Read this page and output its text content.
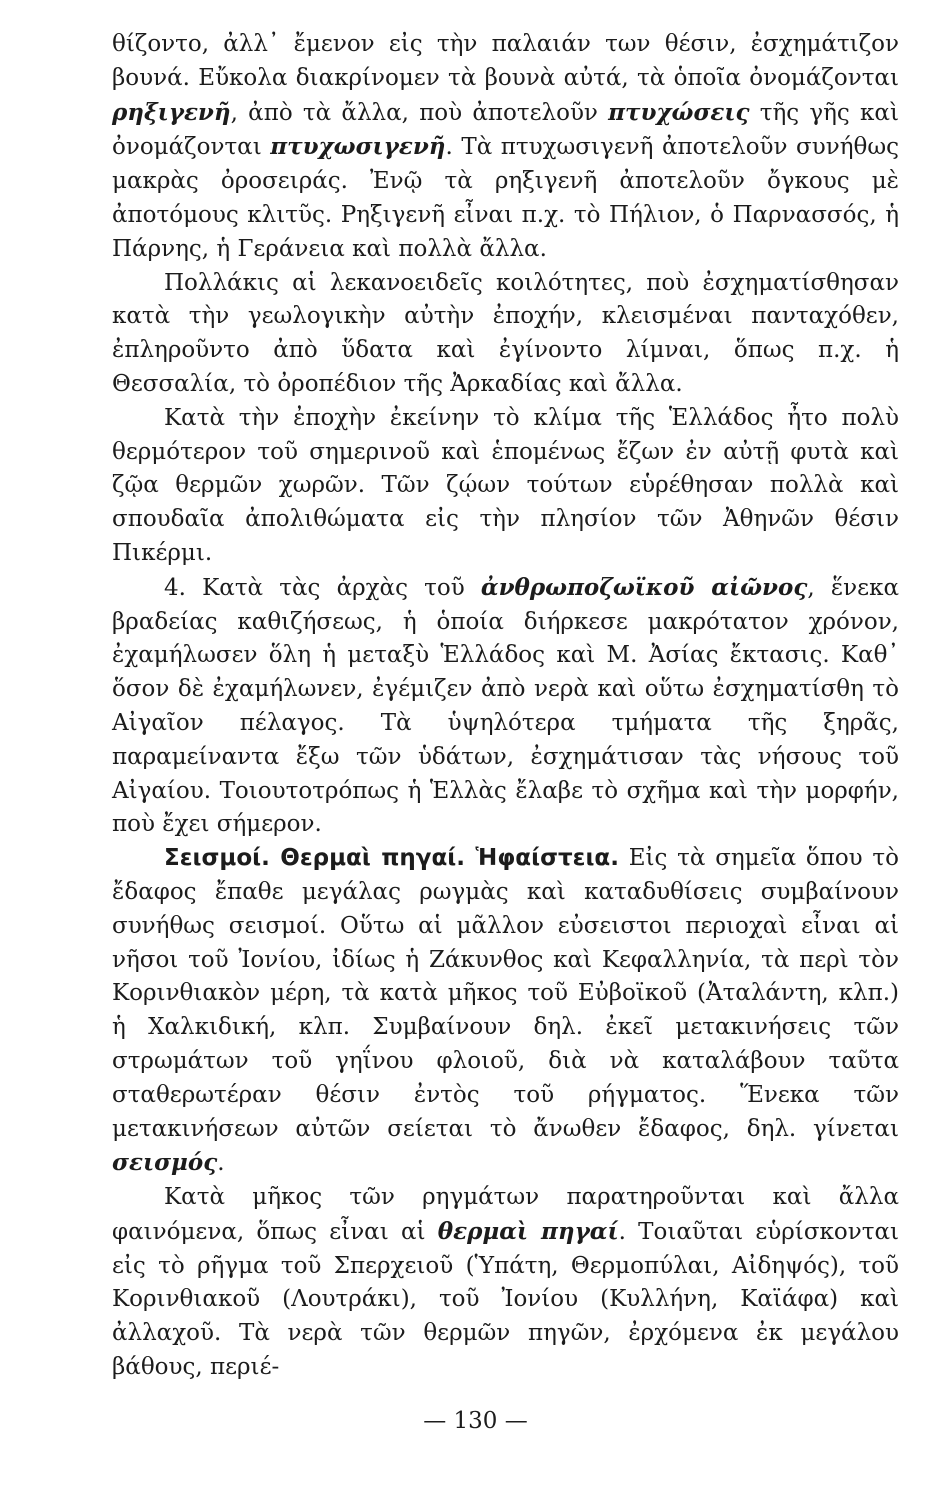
θίζοντο, ἀλλ᾿ ἔμενον εἰς τὴν παλαιάν των θέσιν, ἐσχημάτιζον βουνά. Εὔκολα διακρίνομεν τὰ βουνὰ αὐτά, τὰ ὁποῖα ὀνομάζονται ρηξιγενῆ, ἀπὸ τὰ ἄλλα, ποὺ ἀποτελοῦν πτυχώσεις τῆς γῆς καὶ ὀνομάζονται πτυχωσιγενῆ. Τὰ πτυχωσιγενῆ ἀποτελοῦν συνήθως μακρὰς ὀροσειράς. Ἐνῷ τὰ ρηξιγενῆ ἀποτελοῦν ὄγκους μὲ ἀποτόμους κλιτῦς. Ρηξιγενῆ εἶναι π.χ. τὸ Πήλιον, ὁ Παρνασσός, ἡ Πάρνης, ἡ Γεράνεια καὶ πολλὰ ἄλλα.

Πολλάκις αἱ λεκανοειδεῖς κοιλότητες, ποὺ ἐσχηματίσθησαν κατὰ τὴν γεωλογικὴν αὐτὴν ἐποχήν, κλεισμέναι πανταχόθεν, ἐπληροῦντο ἀπὸ ὕδατα καὶ ἐγίνοντο λίμναι, ὅπως π.χ. ἡ Θεσσαλία, τὸ ὀροπέδιον τῆς Ἀρκαδίας καὶ ἄλλα.

Κατὰ τὴν ἐποχὴν ἐκείνην τὸ κλίμα τῆς Ἑλλάδος ἦτο πολὺ θερμότερον τοῦ σημερινοῦ καὶ ἑπομένως ἔζων ἐν αὐτῇ φυτὰ καὶ ζῷα θερμῶν χωρῶν. Τῶν ζῴων τούτων εὑρέθησαν πολλὰ καὶ σπουδαῖα ἀπολιθώματα εἰς τὴν πλησίον τῶν Ἀθηνῶν θέσιν Πικέρμι.

4. Κατὰ τὰς ἀρχὰς τοῦ ἀνθρωποζωϊκοῦ αἰῶνος, ἕνεκα βραδείας καθιζήσεως, ἡ ὁποία διήρκεσε μακρότατον χρόνον, ἐχαμήλωσεν ὅλη ἡ μεταξὺ Ἑλλάδος καὶ Μ. Ἀσίας ἔκτασις. Καθ᾿ ὅσον δὲ ἐχαμήλωνεν, ἐγέμιζεν ἀπὸ νερὰ καὶ οὕτω ἐσχηματίσθη τὸ Αἰγαῖον πέλαγος. Τὰ ὑψηλότερα τμήματα τῆς ξηρᾶς, παραμείναντα ἔξω τῶν ὑδάτων, ἐσχημάτισαν τὰς νήσους τοῦ Αἰγαίου. Τοιουτοτρόπως ἡ Ἑλλὰς ἔλαβε τὸ σχῆμα καὶ τὴν μορφήν, ποὺ ἔχει σήμερον.

Σεισμοί. Θερμαὶ πηγαί. Ἡφαίστεια. Εἰς τὰ σημεῖα ὅπου τὸ ἔδαφος ἔπαθε μεγάλας ρωγμὰς καὶ καταδυθίσεις συμβαίνουν συνήθως σεισμοί. Οὕτω αἱ μᾶλλον εὐσειστοι περιοχαὶ εἶναι αἱ νῆσοι τοῦ Ἰονίου, ἰδίως ἡ Ζάκυνθος καὶ Κεφαλληνία, τὰ περὶ τὸν Κορινθιακὸν μέρη, τὰ κατὰ μῆκος τοῦ Εὐβοϊκοῦ (Ἀταλάντη, κλπ.) ἡ Χαλκιδική, κλπ. Συμβαίνουν δηλ. ἐκεῖ μετακινήσεις τῶν στρωμάτων τοῦ γηΐνου φλοιοῦ, διὰ νὰ καταλάβουν ταῦτα σταθερωτέραν θέσιν ἐντὸς τοῦ ρήγματος. Ἕνεκα τῶν μετακινήσεων αὐτῶν σείεται τὸ ἄνωθεν ἔδαφος, δηλ. γίνεται σεισμός.

Κατὰ μῆκος τῶν ρηγμάτων παρατηροῦνται καὶ ἄλλα φαινόμενα, ὅπως εἶναι αἱ θερμαὶ πηγαί. Τοιαῦται εὑρίσκονται εἰς τὸ ρῆγμα τοῦ Σπερχειοῦ (Ὑπάτη, Θερμοπύλαι, Αἰδηψός), τοῦ Κορινθιακοῦ (Λουτράκι), τοῦ Ἰονίου (Κυλλήνη, Καϊάφα) καὶ ἀλλαχοῦ. Τὰ νερὰ τῶν θερμῶν πηγῶν, ἐρχόμενα ἐκ μεγάλου βάθους, περιέ-

— 130 —
